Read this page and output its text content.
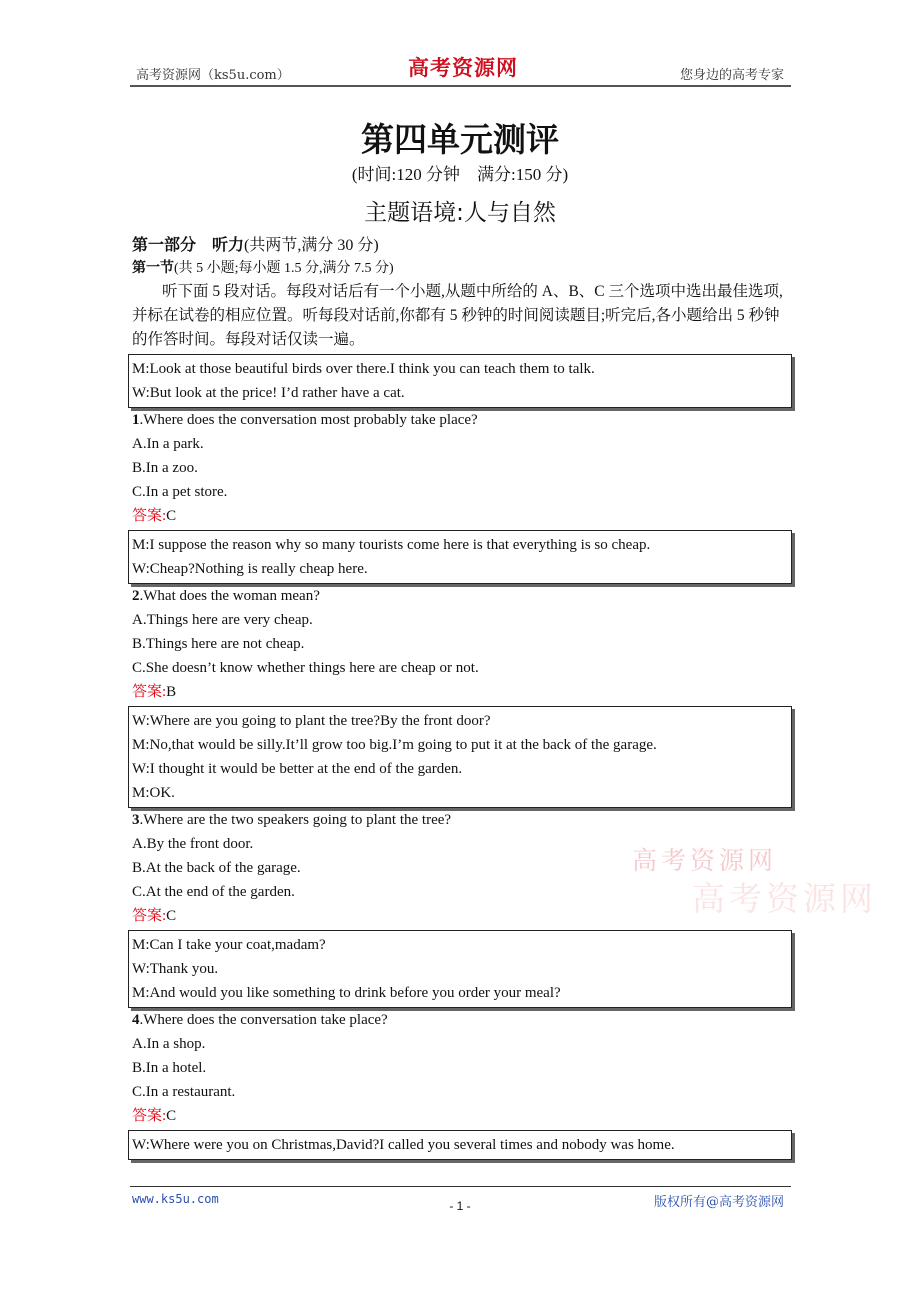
高考资源网（ks5u.com）	高考资源网	您身边的高考专家
第四单元测评
(时间:120 分钟　满分:150 分)
主题语境:人与自然
第一部分　听力(共两节,满分 30 分)
第一节(共 5 小题;每小题 1.5 分,满分 7.5 分)

听下面 5 段对话。每段对话后有一个小题,从题中所给的 A、B、C 三个选项中选出最佳选项,并标在试卷的相应位置。听每段对话前,你都有 5 秒钟的时间阅读题目;听完后,各小题给出 5 秒钟的作答时间。每段对话仅读一遍。

M:Look at those beautiful birds over there.I think you can teach them to talk.

W:But look at the price! I’d rather have a cat.

1.Where does the conversation most probably take place?

A.In a park.

B.In a zoo.

C.In a pet store.

答案:C

M:I suppose the reason why so many tourists come here is that everything is so cheap.

W:Cheap?Nothing is really cheap here.

2.What does the woman mean?

A.Things here are very cheap.

B.Things here are not cheap.

C.She doesn’t know whether things here are cheap or not.

答案:B

W:Where are you going to plant the tree?By the front door?

M:No,that would be silly.It’ll grow too big.I’m going to put it at the back of the garage.

W:I thought it would be better at the end of the garden.

M:OK.

3.Where are the two speakers going to plant the tree?

A.By the front door.

B.At the back of the garage.

C.At the end of the garden.

答案:C

M:Can I take your coat,madam?

W:Thank you.

M:And would you like something to drink before you order your meal?

4.Where does the conversation take place?

A.In a shop.

B.In a hotel.

C.In a restaurant.

答案:C

W:Where were you on Christmas,David?I called you several times and nobody was home.

高考资源网
高考资源网
www.ks5u.com	- 1 -	版权所有@高考资源网
